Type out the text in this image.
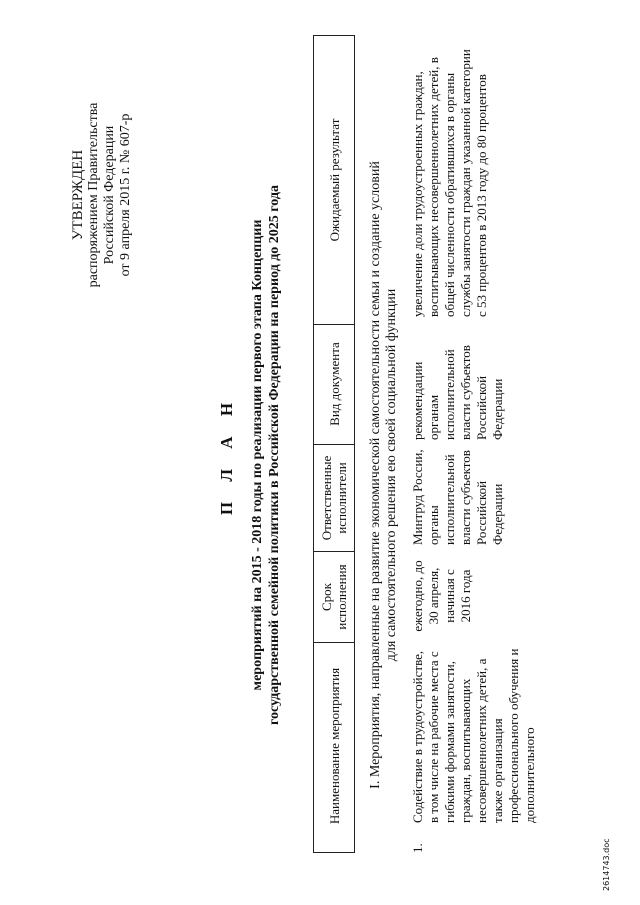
УТВЕРЖДЕН распоряжением Правительства Российской Федерации от 9 апреля 2015 г. № 607-р
П Л А Н мероприятий на 2015 - 2018 годы по реализации первого этапа Концепции государственной семейной политики в Российской Федерации на период до 2025 года
Наименование мероприятия
Срок исполнения
Ответственные исполнители
Вид документа
Ожидаемый результат I. Мероприятия, направленные на развитие экономической самостоятельности семьи и создание условий для самостоятельного решения ею своей социальной функции
1.
Содействие в трудоустройстве, в том числе на рабочие места с гибкими формами занятости, граждан, воспитывающих несовершеннолетних детей, а также организация профессионального обучения и дополнительного
ежегодно, до 30 апреля, начиная с 2016 года
Минтруд России, органы исполнительной власти субъектов Российской Федерации
рекомендации органам исполнительной власти субъектов Российской Федерации
увеличение доли трудоустроенных граждан, воспитывающих несовершеннолетних детей, в общей численности обратившихся в органы службы занятости граждан указанной категории с 53 процентов в 2013 году до 80 процентов
2614743.doc
